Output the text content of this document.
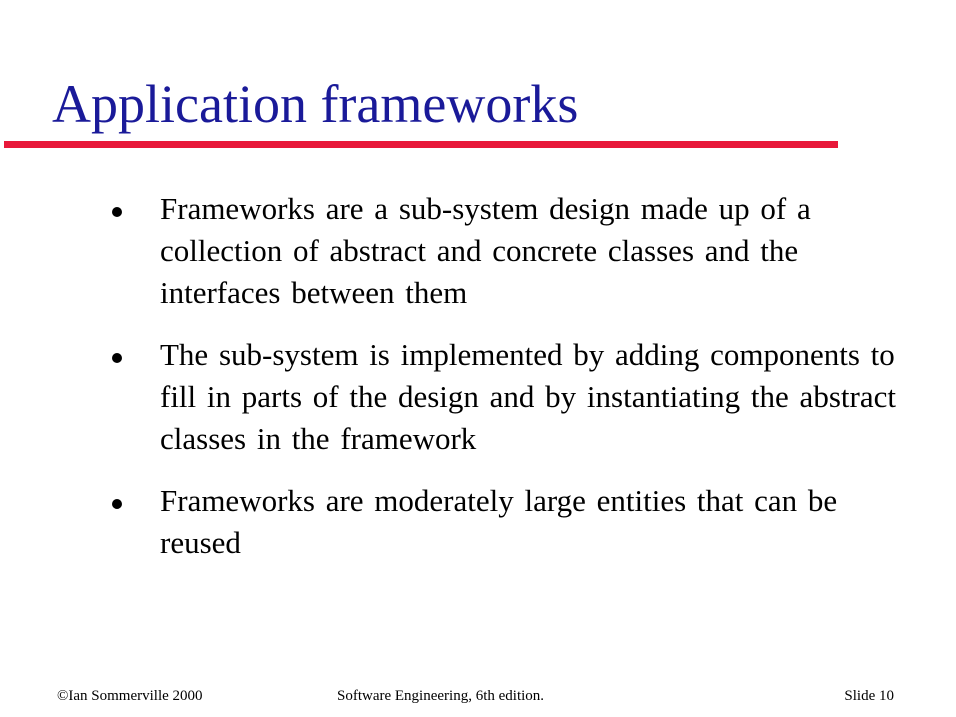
Application frameworks
Frameworks are a sub-system design made up of a collection of abstract and concrete classes and the interfaces between them
The sub-system is implemented by adding components to fill in parts of the design and by instantiating the abstract classes in the framework
Frameworks are moderately large entities that can be reused
©Ian Sommerville 2000	Software Engineering, 6th edition.	Slide 10
